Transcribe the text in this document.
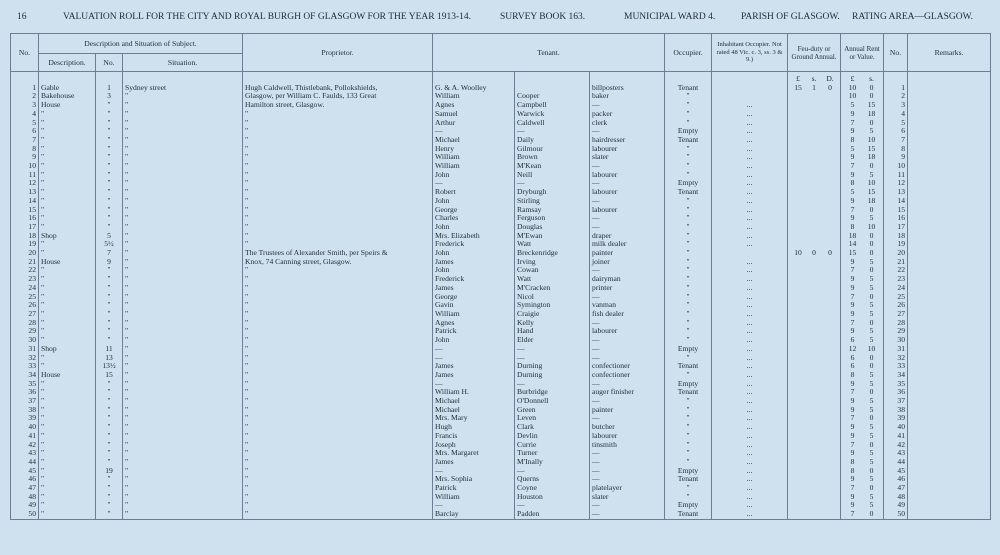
16	VALUATION ROLL FOR THE CITY AND ROYAL BURGH OF GLASGOW FOR THE YEAR 1913-14.	SURVEY BOOK 163.	MUNICIPAL WARD 4.	PARISH OF GLASGOW. RATING AREA—GLASGOW.
No.	Description and Situation of Subject.			Proprietor.	Tenant.			Occupier.	Inhabitant Occupier. Not rated 48 Vic. c. 3, ss. 3 & 9.)	Feu-duty or Ground Annual.	Annual Rent or Value.	No.	Remarks.
	Description.	No.	Situation.										

										£ s. D.	£ s.		

1	Gable	1	Sydney street	Hugh Caldwell, Thistlebank, Pollokshields,	G. & A. Woolley		billposters	Tenant		15 1 0	10 0	1	
2	Bakehouse	3	"	Glasgow, per William C. Faulds, 133 Great	William	Cooper	baker	"			10 0	2	
3	House	"	"	Hamilton street, Glasgow.	Agnes	Campbell	—	"	...		5 15	3	
4	"	"	"	"	Samuel	Warwick	packer	"	...		9 18	4	
5	"	"	"	"	Arthur	Caldwell	clerk	"	...		7 0	5	
6	"	"	"	"	—	—	—	Empty	...		9 5	6	
7	"	"	"	"	Michael	Daily	hairdresser	Tenant	...		8 10	7	
8	"	"	"	"	Henry	Gilmour	labourer	"	...		5 15	8	
9	"	"	"	"	William	Brown	slater	"	...		9 18	9	
10	"	"	"	"	William	M'Kean	—	"	...		7 0	10	
11	"	"	"	"	John	Neill	labourer	"	...		9 5	11	
12	"	"	"	"	—	—	—	Empty	...		8 10	12	
13	"	"	"	"	Robert	Dryburgh	labourer	Tenant	...		5 15	13	
14	"	"	"	"	John	Stirling	—	"	...		9 18	14	
15	"	"	"	"	George	Ramsay	labourer	"	...		7 0	15	
16	"	"	"	"	Charles	Ferguson	—	"	...		9 5	16	
17	"	"	"	"	John	Douglas	—	"	...		8 10	17	
18	Shop	5	"	"	Mrs. Elizabeth	M'Ewan	draper	"	...		18 0	18	
19	"	5½	"	"	Frederick	Watt	milk dealer	"	...		14 0	19	
20	"	7	"	The Trustees of Alexander Smith, per Speirs &	John	Breckenridge	painter	"		10 0 0	15 0	20	
21	House	9	"	Knox, 74 Canning street, Glasgow.	James	Irving	joiner	"	...		9 5	21	
22	"	"	"	"	John	Cowan	—	"	...		7 0	22	
23	"	"	"	"	Frederick	Watt	dairyman	"	...		9 5	23	
24	"	"	"	"	James	M'Cracken	printer	"	...		9 5	24	
25	"	"	"	"	George	Nicol	—	"	...		7 0	25	
26	"	"	"	"	Gavin	Symington	vanman	"	...		9 5	26	
27	"	"	"	"	William	Craigie	fish dealer	"	...		9 5	27	
28	"	"	"	"	Agnes	Kelly	—	"	...		7 0	28	
29	"	"	"	"	Patrick	Hand	labourer	"	...		9 5	29	
30	"	"	"	"	John	Elder	—	"	...		6 5	30	
31	Shop	11	"	"	—	—	—	Empty	...		12 10	31	
32	"	13	"	"	—	—	—	"	...		6 0	32	
33	"	13½	"	"	James	Durning	confectioner	Tenant	...		6 0	33	
34	House	15	"	"	James	Durning	confectioner	"	...		8 5	34	
35	"	"	"	"	—	—	—	Empty	...		9 5	35	
36	"	"	"	"	William H.	Burbridge	auger finisher	Tenant	...		7 0	36	
37	"	"	"	"	Michael	O'Donnell	—	"	...		9 5	37	
38	"	"	"	"	Michael	Green	painter	"	...		9 5	38	
39	"	"	"	"	Mrs. Mary	Leven	—	"	...		7 0	39	
40	"	"	"	"	Hugh	Clark	butcher	"	...		9 5	40	
41	"	"	"	"	Francis	Devlin	labourer	"	...		9 5	41	
42	"	"	"	"	Joseph	Currie	tinsmith	"	...		7 0	42	
43	"	"	"	"	Mrs. Margaret	Turner	—	"	...		9 5	43	
44	"	"	"	"	James	M'Inally	—	"	...		8 5	44	
45	"	19	"	"	—	—	—	Empty	...		8 0	45	
46	"	"	"	"	Mrs. Sophia	Querns	—	Tenant	...		9 5	46	
47	"	"	"	"	Patrick	Coyne	platelayer	"	...		7 0	47	
48	"	"	"	"	William	Houston	slater	"	...		9 5	48	
49	"	"	"	"	—	—	—	Empty	...		9 5	49	
50	"	"	"	"	Barclay	Padden	—	Tenant	...		7 0	50	
